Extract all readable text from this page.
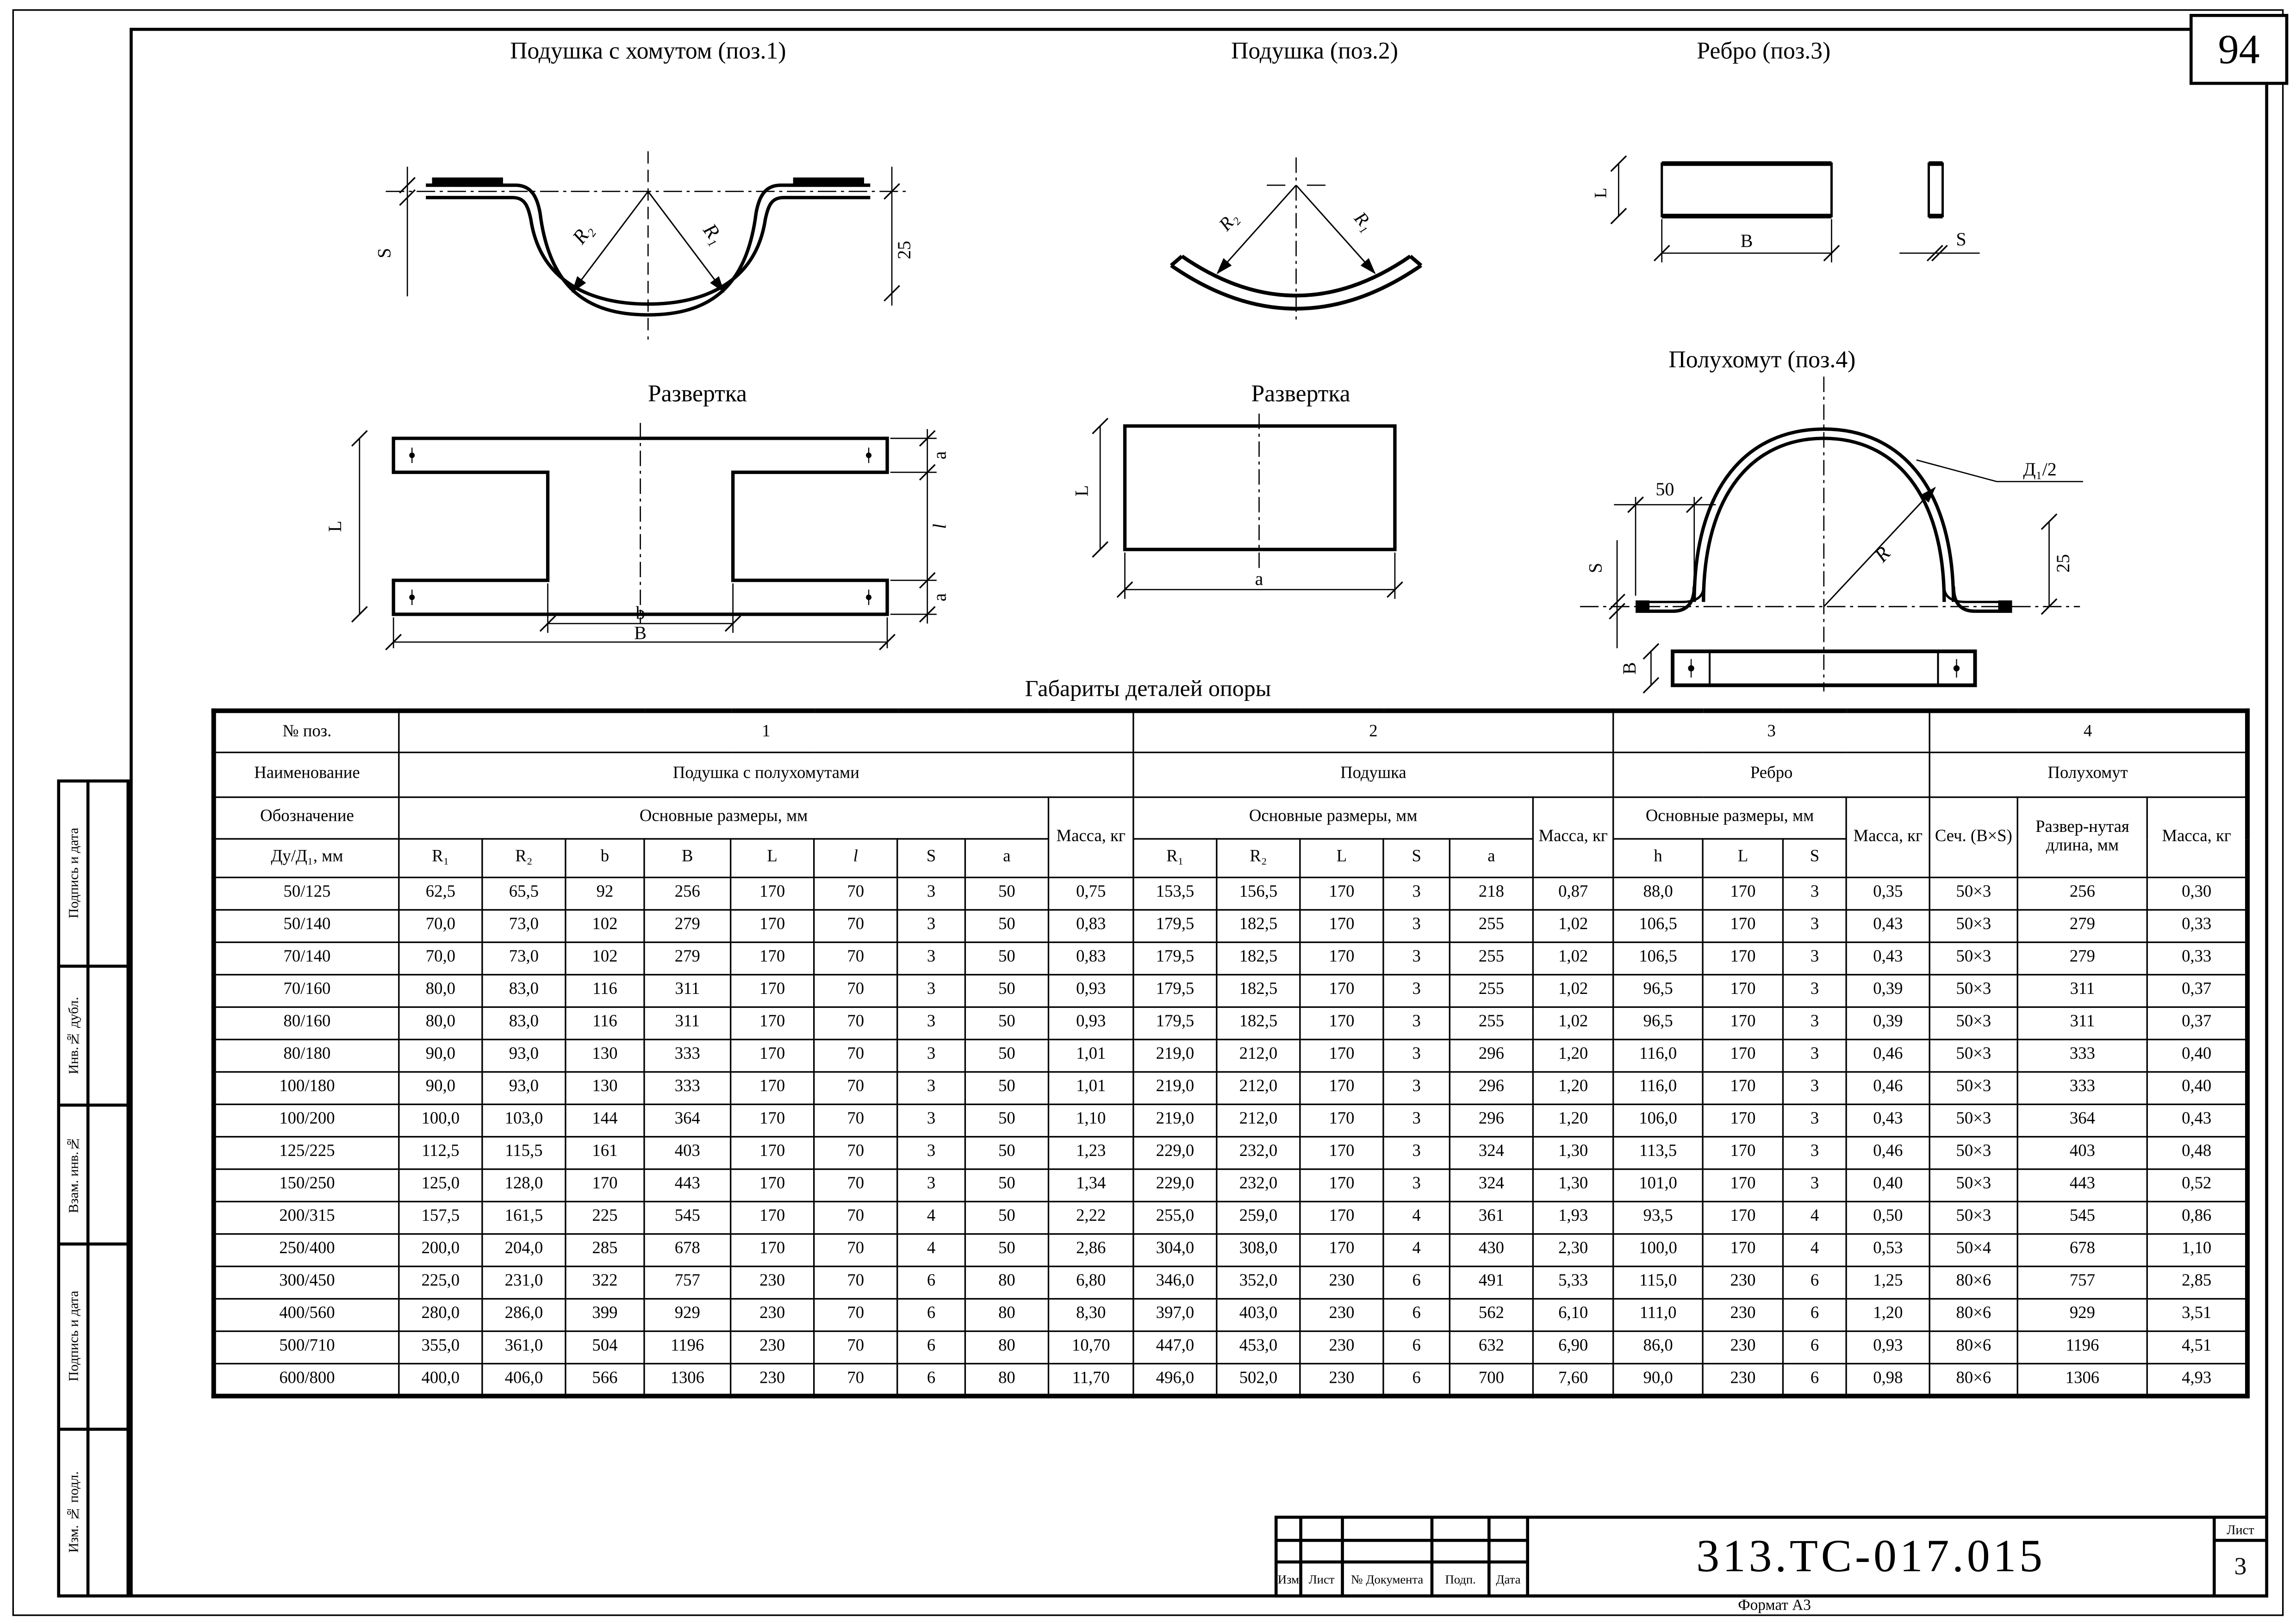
94
Подушка с хомутом (поз.1)	Подушка (поз.2)	Ребро (поз.3)
Развертка	Развертка
Полухомут (поз.4)
R₂	R₁
S	25
L
a
l
a
b
B
R₂	R₁
L
a
L
B	S
50
S
R
Д₁/2
25
B
Габариты деталей опоры
№ поз.	1									2						3				4		
Наименование	Подушка с полухомутами									Подушка						Ребро				Полухомут		
Обозначение	Основные размеры, мм								Масса, кг	Основные размеры, мм					Масса, кг	Основные размеры, мм			Масса, кг	Сеч. (B×S)	Развер-нутая длина, мм	Масса, кг
Ду/Д₁, мм	R₁	R₂	b	B	L	l	S	a		R₁	R₂	L	S	a		h	L	S				
50/125	62,5	65,5	92	256	170	70	3	50	0,75	153,5	156,5	170	3	218	0,87	88,0	170	3	0,35	50×3	256	0,30
50/140	70,0	73,0	102	279	170	70	3	50	0,83	179,5	182,5	170	3	255	1,02	106,5	170	3	0,43	50×3	279	0,33
70/140	70,0	73,0	102	279	170	70	3	50	0,83	179,5	182,5	170	3	255	1,02	106,5	170	3	0,43	50×3	279	0,33
70/160	80,0	83,0	116	311	170	70	3	50	0,93	179,5	182,5	170	3	255	1,02	96,5	170	3	0,39	50×3	311	0,37
80/160	80,0	83,0	116	311	170	70	3	50	0,93	179,5	182,5	170	3	255	1,02	96,5	170	3	0,39	50×3	311	0,37
80/180	90,0	93,0	130	333	170	70	3	50	1,01	219,0	212,0	170	3	296	1,20	116,0	170	3	0,46	50×3	333	0,40
100/180	90,0	93,0	130	333	170	70	3	50	1,01	219,0	212,0	170	3	296	1,20	116,0	170	3	0,46	50×3	333	0,40
100/200	100,0	103,0	144	364	170	70	3	50	1,10	219,0	212,0	170	3	296	1,20	106,0	170	3	0,43	50×3	364	0,43
125/225	112,5	115,5	161	403	170	70	3	50	1,23	229,0	232,0	170	3	324	1,30	113,5	170	3	0,46	50×3	403	0,48
150/250	125,0	128,0	170	443	170	70	3	50	1,34	229,0	232,0	170	3	324	1,30	101,0	170	3	0,40	50×3	443	0,52
200/315	157,5	161,5	225	545	170	70	4	50	2,22	255,0	259,0	170	4	361	1,93	93,5	170	4	0,50	50×3	545	0,86
250/400	200,0	204,0	285	678	170	70	4	50	2,86	304,0	308,0	170	4	430	2,30	100,0	170	4	0,53	50×4	678	1,10
300/450	225,0	231,0	322	757	230	70	6	80	6,80	346,0	352,0	230	6	491	5,33	115,0	230	6	1,25	80×6	757	2,85
400/560	280,0	286,0	399	929	230	70	6	80	8,30	397,0	403,0	230	6	562	6,10	111,0	230	6	1,20	80×6	929	3,51
500/710	355,0	361,0	504	1196	230	70	6	80	10,70	447,0	453,0	230	6	632	6,90	86,0	230	6	0,93	80×6	1196	4,51
600/800	400,0	406,0	566	1306	230	70	6	80	11,70	496,0	502,0	230	6	700	7,60	90,0	230	6	0,98	80×6	1306	4,93
Подпись и дата
Инв.№ дубл.
Взам. инв.№
Подпись и дата
Изм. № подл.
Изм	Лист	№ Документа	Подп.	Дата	313.ТС-017.015
Лист
3
Формат А3
